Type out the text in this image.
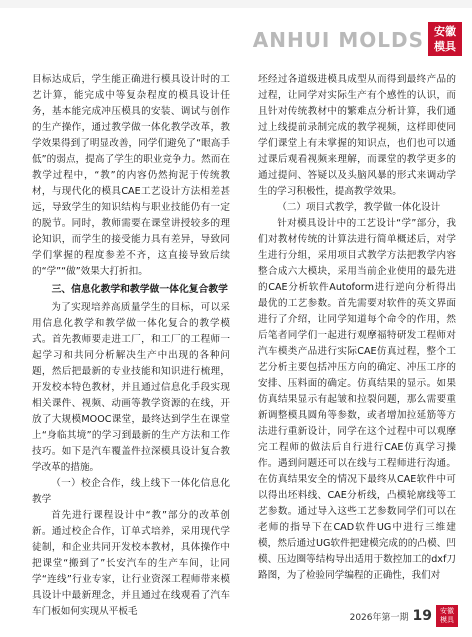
ANHUI MOLDS 安徽
模具

目标达成后，学生能正确进行模具设计时的工艺计算，能完成中等复杂程度的模具设计任务，基本能完成冲压模具的安装、调试与创作的生产操作，通过教学做一体化教学改革，教学效果得到了明显改善，同学们避免了“眼高手低”的弱点，提高了学生的职业竞争力。然而在教学过程中，“教”的内容仍然拘泥于传统教材，与现代化的模具CAE工艺设计方法相差甚远，导致学生的知识结构与职业技能仍有一定的脱节。同时，教师需要在课堂讲授较多的理论知识，而学生的接受能力具有差异，导致同学们掌握的程度参差不齐，这直接导致后续的“学”“做”效果大打折扣。

三、信息化教学和教学做一体化复合教学

为了实现培养高质量学生的目标，可以采用信息化教学和教学做一体化复合的教学模式。首先教师要走进工厂，和工厂的工程师一起学习和共同分析解决生产中出现的各种问题，然后把最新的专业技能和知识进行梳理，开发校本特色教材，并且通过信息化手段实现相关课件、视频、动画等教学资源的在线，开放了大规模MOOC课堂，最终达到学生在课堂上“身临其境”的学习到最新的生产方法和工作技巧。如下是汽车覆盖件拉深模具设计复合教学改革的措施。

（一）校企合作，线上线下一体化信息化教学

首先进行课程设计中“教”部分的改革创新。通过校企合作，订单式培养，采用现代学徒制，和企业共同开发校本教材，具体操作中把课堂“搬到了”长安汽车的生产车间，让同学“连线”行业专家，让行业资深工程师带来模具设计中最新理念，并且通过在线观看了汽车车门板如何实现从平板毛

坯经过各道级进模具成型从而得到最终产品的过程，让同学对实际生产有个感性的认识，而且针对传统教材中的繁难点分析计算，我们通过上线提前录制完成的教学视频，这样即使同学们课堂上有未掌握的知识点，也们也可以通过课后观看视频来理解，而课堂的教学更多的通过提问、答疑以及头脑风暴的形式来调动学生的学习积极性，提高教学效果。

（二）项目式教学，教学做一体化设计

针对模具设计中的工艺设计“学”部分，我们对教材传统的计算法进行简单概述后，对学生进行分组，采用项目式教学方法把教学内容整合成六大模块，采用当前企业使用的最先进的CAE分析软件Autoform进行逆向分析得出最优的工艺参数。首先需要对软件的英文界面进行了介绍，让同学知道每个命令的作用，然后笔者同学们一起进行观摩福特研发工程师对汽车模类产品进行实际CAE仿真过程，整个工艺分析主要包括冲压方向的确定、冲压工序的安排、压料面的确定。仿真结果的显示。如果仿真结果显示有起皱和拉裂问题，那么需要重新调整模具圆角等参数，或者增加拉延筋等方法进行重新设计，同学在这个过程中可以观摩完工程师的做法后自行进行CAE仿真学习操作。遇到问题还可以在线与工程师进行沟通。在仿真结果安全的情况下最终从CAE软件中可以得出坯料线、CAE分析线，凸模轮廓线等工艺参数。通过导入这些工艺参数同学们可以在老师的指导下在CAD软件UG中进行三维建模，然后通过UG软件把建模完成的的凸模、凹模、压边圈等结构导出适用于数控加工的dxf刀路图，为了检验同学编程的正确性，我们对

2026年第一期 19 安徽
模具
